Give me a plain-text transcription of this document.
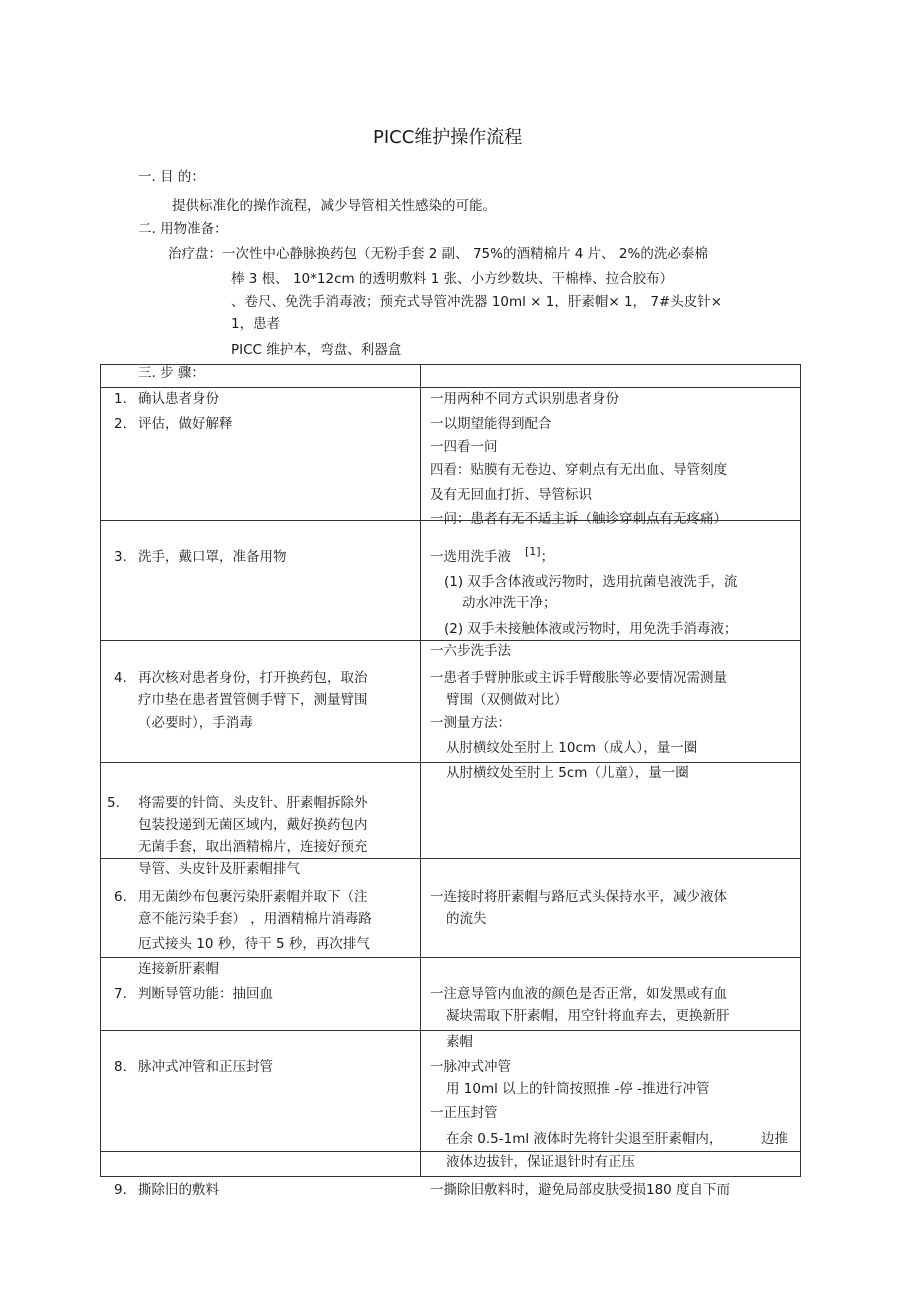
PICC维护操作流程
一. 目 的：
提供标准化的操作流程，减少导管相关性感染的可能。
二. 用物准备：
治疗盘：一次性中心静脉换药包（无粉手套 2 副、 75%的酒精棉片 4 片、 2%的洗必泰棉
棒 3 根、 10*12cm 的透明敷料 1 张、小方纱数块、干棉棒、拉合胶布）
、卷尺、免洗手消毒液；预充式导管冲洗器 10ml × 1，肝素帽× 1， 7#头皮针×
1，患者
PICC 维护本，弯盘、利器盒
三. 步 骤：
1. 确认患者身份
2. 评估，做好解释
3. 洗手，戴口罩，准备用物
4. 再次核对患者身份，打开换药包，取治
疗巾垫在患者置管侧手臂下，测量臂围
（必要时），手消毒
5. 将需要的针筒、头皮针、肝素帽拆除外
包装投递到无菌区域内，戴好换药包内
无菌手套，取出酒精棉片，连接好预充
导管、头皮针及肝素帽排气
6. 用无菌纱布包裹污染肝素帽并取下（注
意不能污染手套） ，用酒精棉片消毒路
厄式接头 10 秒，待干 5 秒，再次排气
连接新肝素帽
7. 判断导管功能：抽回血
8. 脉冲式冲管和正压封管
9. 撕除旧的敷料
一用两种不同方式识别患者身份
一以期望能得到配合
一四看一问
四看：贴膜有无卷边、穿刺点有无出血、导管刻度
及有无回血打折、导管标识
一问：患者有无不适主诉（触诊穿刺点有无疼痛）
一选用洗手液 [1]；
(1) 双手含体液或污物时，选用抗菌皂液洗手，流
动水冲洗干净；
(2) 双手未接触体液或污物时，用免洗手消毒液；
一六步洗手法
一患者手臂肿胀或主诉手臂酸胀等必要情况需测量
臂围（双侧做对比）
一测量方法：
从肘横纹处至肘上 10cm（成人），量一圈
从肘横纹处至肘上 5cm（儿童），量一圈
一连接时将肝素帽与路厄式头保持水平，减少液体
的流失
一注意导管内血液的颜色是否正常，如发黑或有血
凝块需取下肝素帽，用空针将血弃去，更换新肝
素帽
一脉冲式冲管
用 10ml 以上的针筒按照推 -停 -推进行冲管
一正压封管
在余 0.5-1ml 液体时先将针尖退至肝素帽内，	边推
液体边拔针，保证退针时有正压
一撕除旧敷料时，避免局部皮肤受损180 度自下而
